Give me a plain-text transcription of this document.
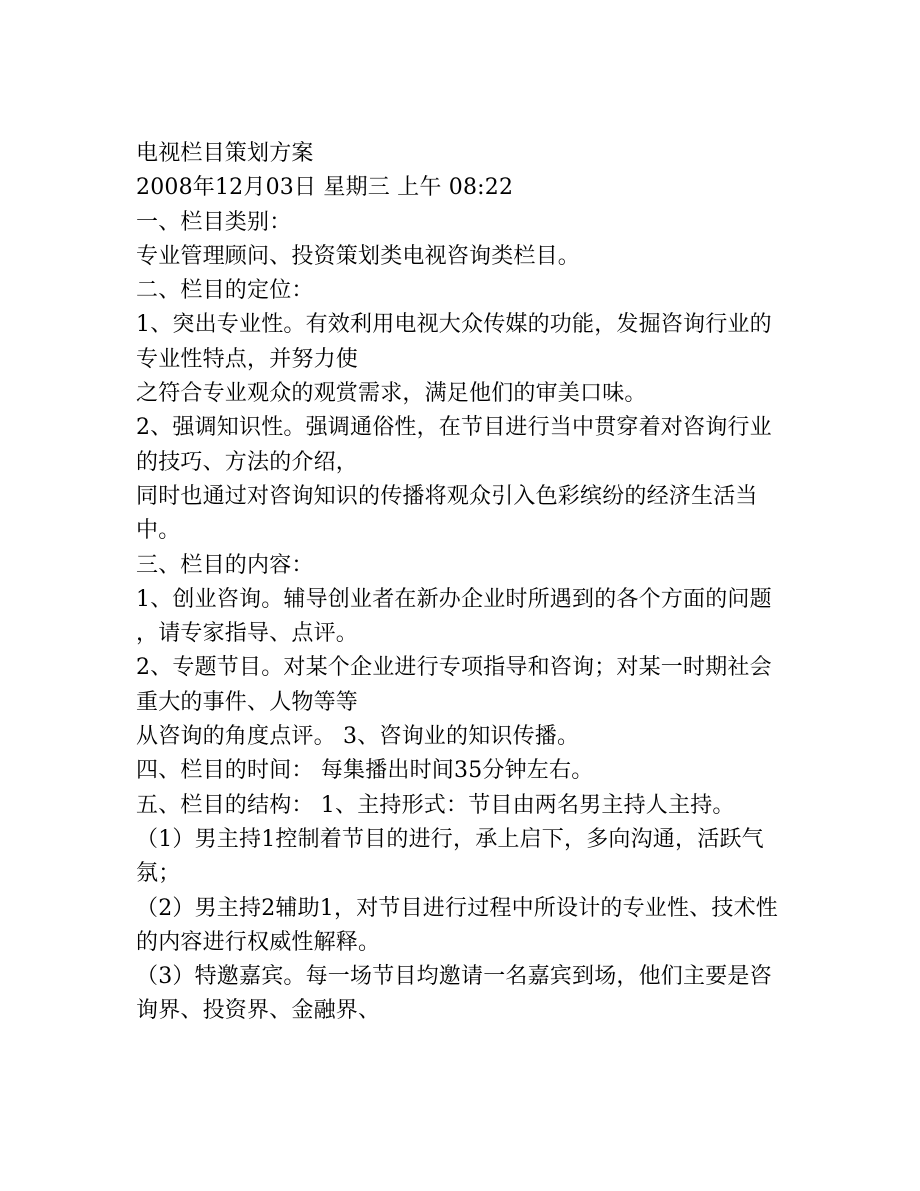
电视栏目策划方案
2008年12月03日 星期三 上午 08:22
一、栏目类别：
专业管理顾问、投资策划类电视咨询类栏目。
二、栏目的定位：
1、突出专业性。有效利用电视大众传媒的功能，发掘咨询行业的
专业性特点，并努力使
之符合专业观众的观赏需求，满足他们的审美口味。
2、强调知识性。强调通俗性，在节目进行当中贯穿着对咨询行业
的技巧、方法的介绍，
同时也通过对咨询知识的传播将观众引入色彩缤纷的经济生活当
中。
三、栏目的内容：
1、创业咨询。辅导创业者在新办企业时所遇到的各个方面的问题
，请专家指导、点评。
2、专题节目。对某个企业进行专项指导和咨询；对某一时期社会
重大的事件、人物等等
从咨询的角度点评。 3、咨询业的知识传播。
四、栏目的时间： 每集播出时间35分钟左右。
五、栏目的结构： 1、主持形式：节目由两名男主持人主持。
（1）男主持1控制着节目的进行，承上启下，多向沟通，活跃气
氛；
（2）男主持2辅助1，对节目进行过程中所设计的专业性、技术性
的内容进行权威性解释。
（3）特邀嘉宾。每一场节目均邀请一名嘉宾到场，他们主要是咨
询界、投资界、金融界、
